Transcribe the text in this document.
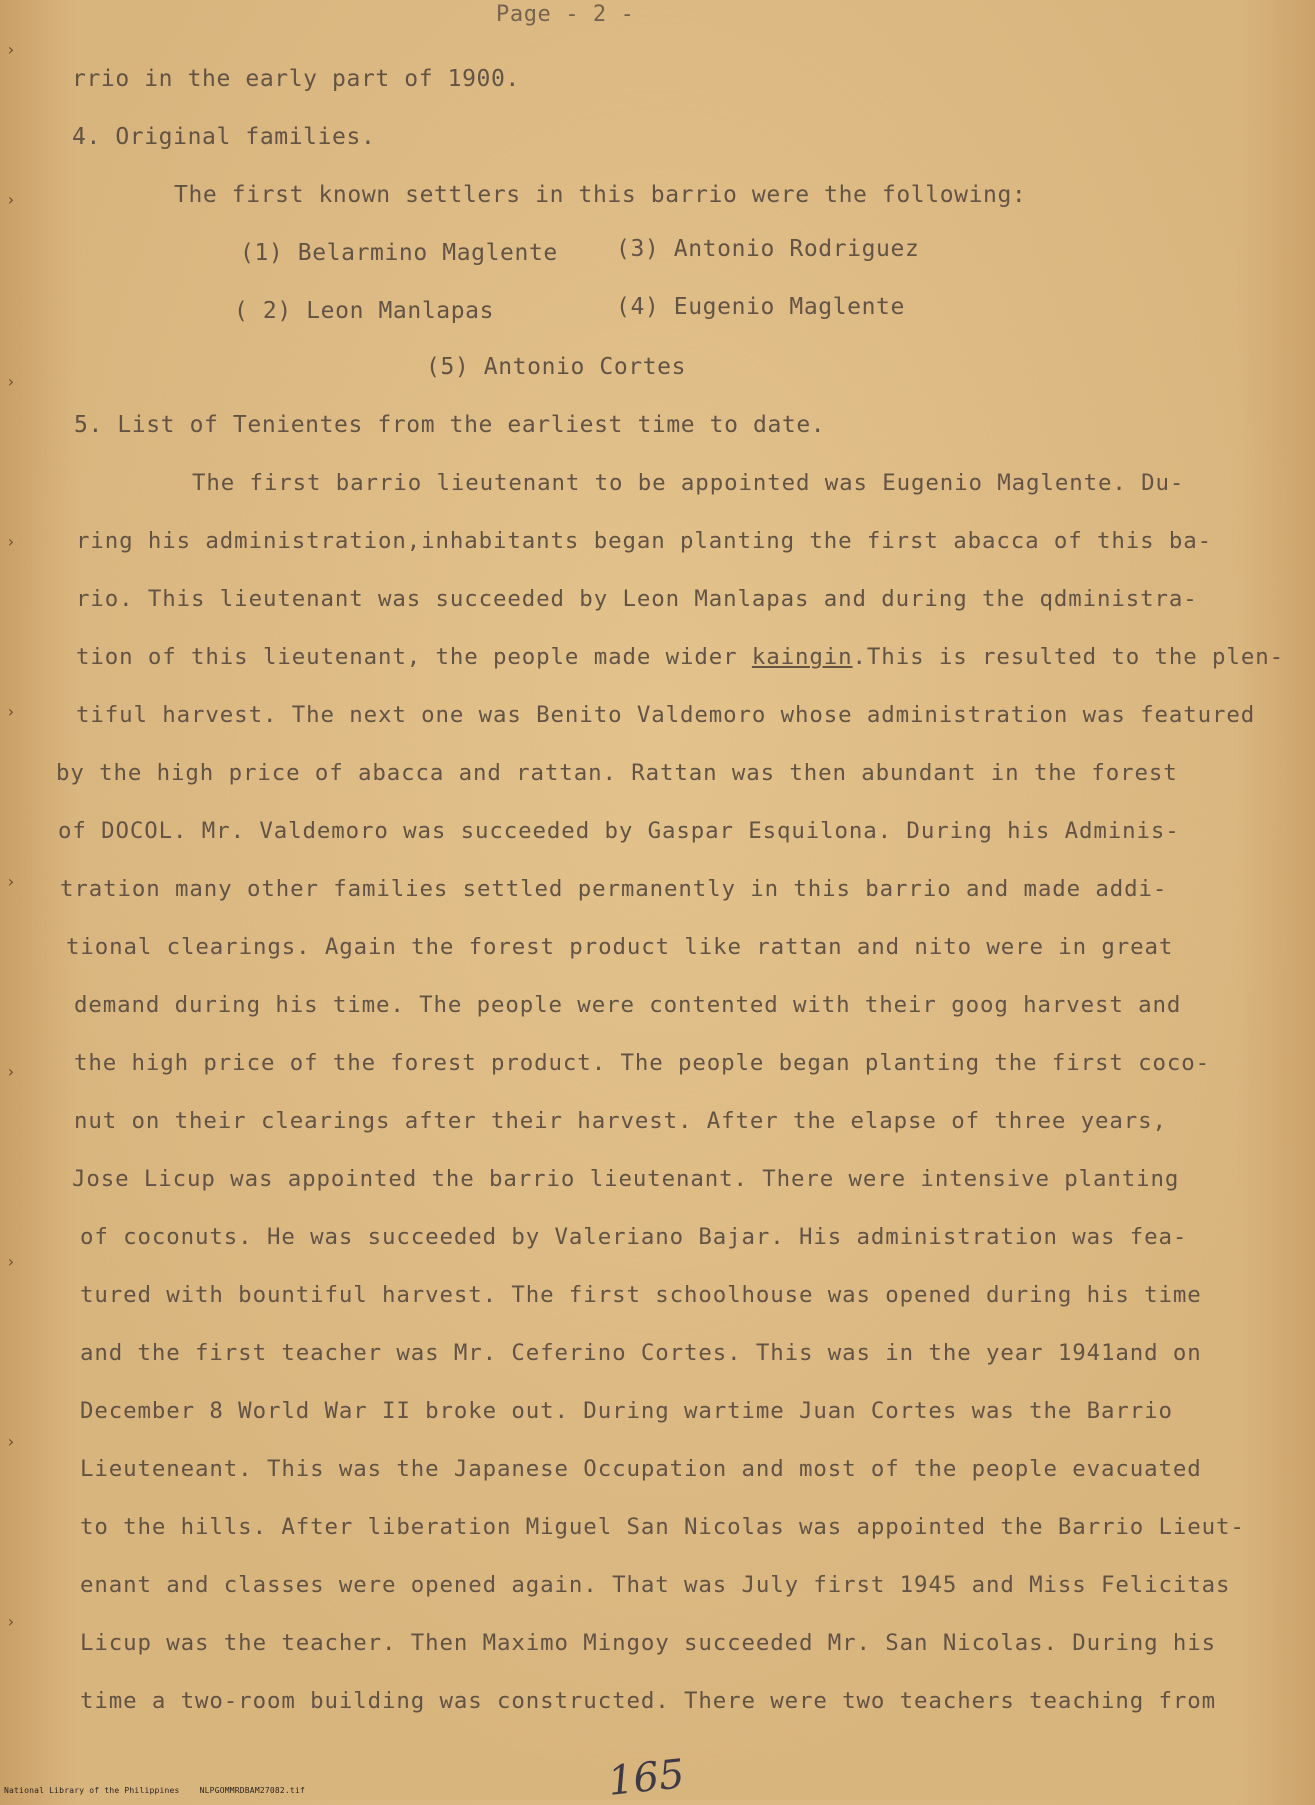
Page - 2 -
rrio in the early part of 1900.
4. Original families.
The first known settlers in this barrio were the following:
(1) Belarmino Maglente	(3) Antonio Rodriguez
( 2) Leon Manlapas	(4) Eugenio Maglente
(5) Antonio Cortes
5. List of Tenientes from the earliest time to date.
The first barrio lieutenant to be appointed was Eugenio Maglente. Du-
ring his administration,inhabitants began planting the first abacca of this ba-
rio. This lieutenant was succeeded by Leon Manlapas and during the qdministra-
tion of this lieutenant, the people made wider kaingin.This is resulted to the plen-
tiful harvest. The next one was Benito Valdemoro whose administration was featured
by the high price of abacca and rattan. Rattan was then abundant in the forest
of DOCOL. Mr. Valdemoro was succeeded by Gaspar Esquilona. During his Adminis-
tration many other families settled permanently in this barrio and made addi-
tional clearings. Again the forest product like rattan and nito were in great
demand during his time. The people were contented with their goog harvest and
the high price of the forest product. The people began planting the first coco-
nut on their clearings after their harvest. After the elapse of three years,
Jose Licup was appointed the barrio lieutenant. There were intensive planting
of coconuts. He was succeeded by Valeriano Bajar. His administration was fea-
tured with bountiful harvest. The first schoolhouse was opened during his time
and the first teacher was Mr. Ceferino Cortes. This was in the year 1941and on
December 8 World War II broke out. During wartime Juan Cortes was the Barrio
Lieuteneant. This was the Japanese Occupation and most of the people evacuated
to the hills. After liberation Miguel San Nicolas was appointed the Barrio Lieut-
enant and classes were opened again. That was July first 1945 and Miss Felicitas
Licup was the teacher. Then Maximo Mingoy succeeded Mr. San Nicolas. During his
time a two-room building was constructed. There were two teachers teaching from
›
›
›
›
›
›
›
›
›
›
165
National Library of the Philippines    NLPGOMMRDBAM27082.tif
